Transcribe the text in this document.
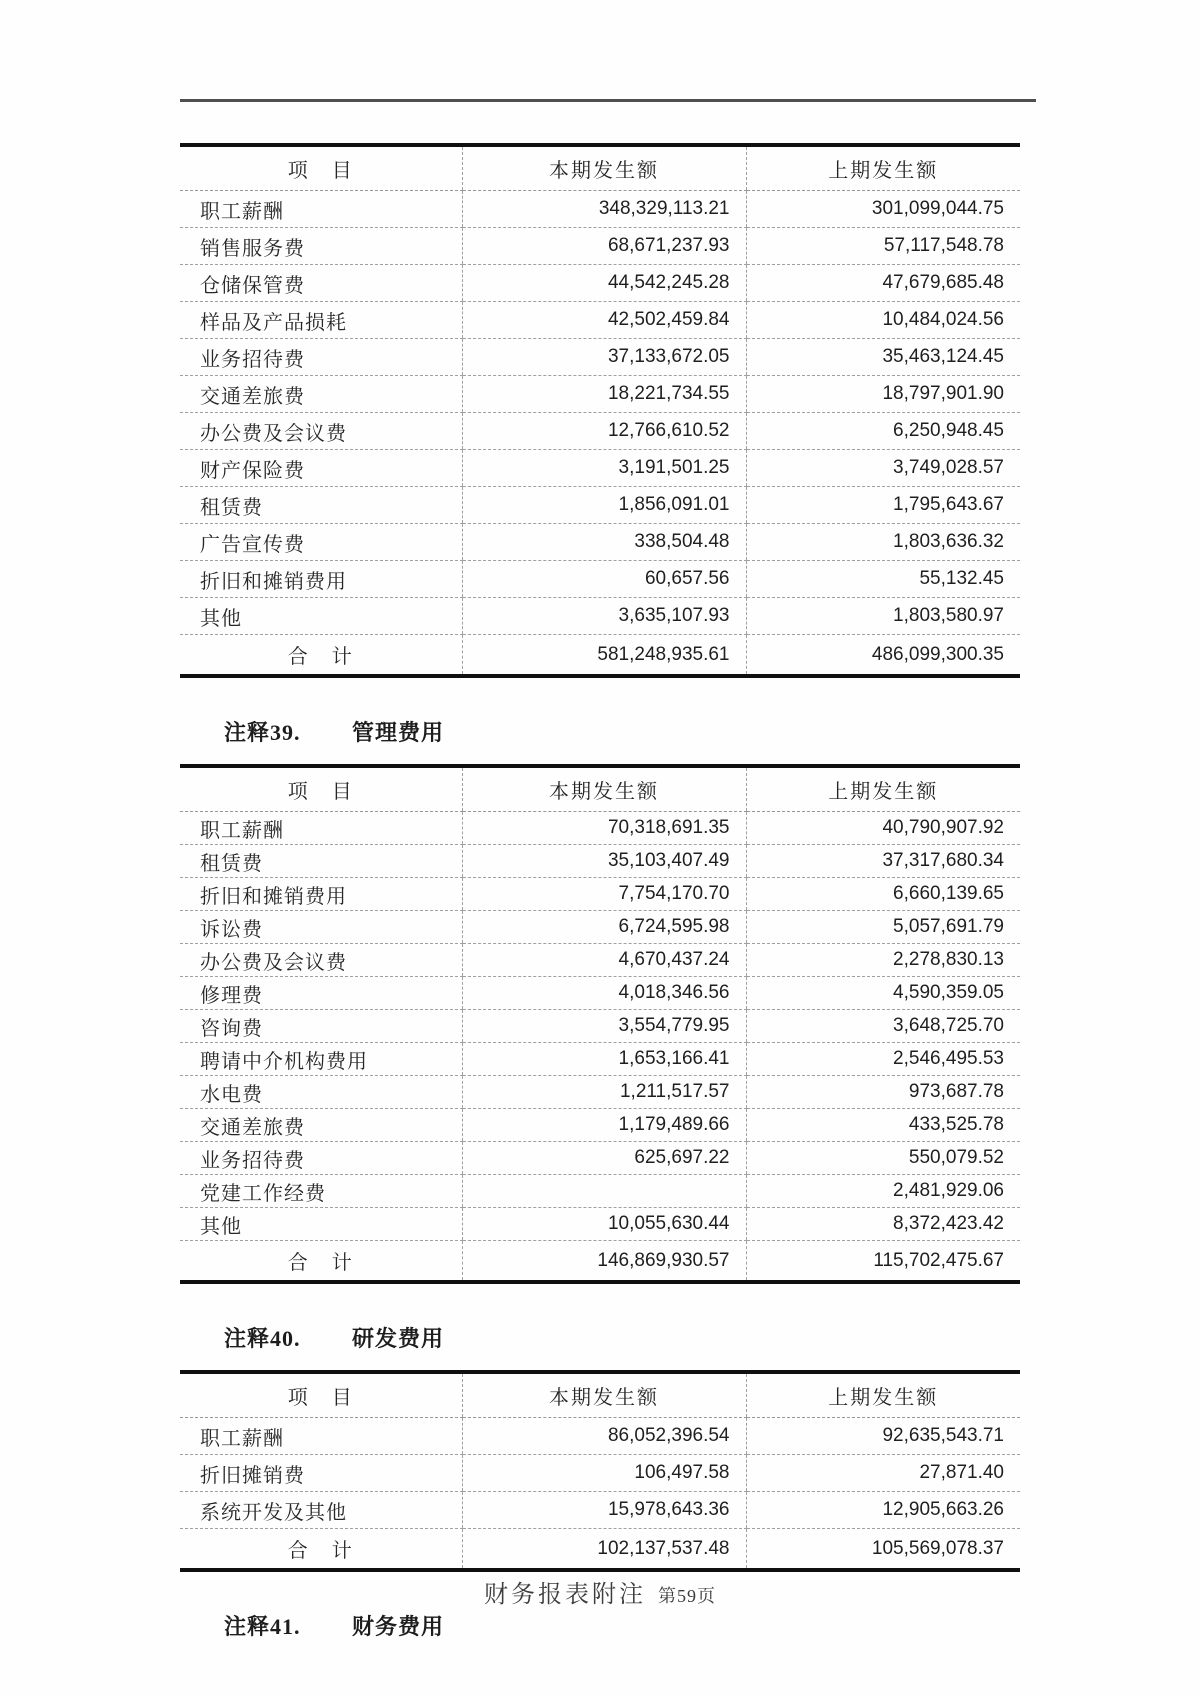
项　目	本期发生额	上期发生额
职工薪酬	348,329,113.21	301,099,044.75
销售服务费	68,671,237.93	57,117,548.78
仓储保管费	44,542,245.28	47,679,685.48
样品及产品损耗	42,502,459.84	10,484,024.56
业务招待费	37,133,672.05	35,463,124.45
交通差旅费	18,221,734.55	18,797,901.90
办公费及会议费	12,766,610.52	6,250,948.45
财产保险费	3,191,501.25	3,749,028.57
租赁费	1,856,091.01	1,795,643.67
广告宣传费	338,504.48	1,803,636.32
折旧和摊销费用	60,657.56	55,132.45
其他	3,635,107.93	1,803,580.97
合　计	581,248,935.61	486,099,300.35
注释39. 管理费用
项　目	本期发生额	上期发生额
职工薪酬	70,318,691.35	40,790,907.92
租赁费	35,103,407.49	37,317,680.34
折旧和摊销费用	7,754,170.70	6,660,139.65
诉讼费	6,724,595.98	5,057,691.79
办公费及会议费	4,670,437.24	2,278,830.13
修理费	4,018,346.56	4,590,359.05
咨询费	3,554,779.95	3,648,725.70
聘请中介机构费用	1,653,166.41	2,546,495.53
水电费	1,211,517.57	973,687.78
交通差旅费	1,179,489.66	433,525.78
业务招待费	625,697.22	550,079.52
党建工作经费		2,481,929.06
其他	10,055,630.44	8,372,423.42
合　计	146,869,930.57	115,702,475.67
注释40. 研发费用
项　目	本期发生额	上期发生额
职工薪酬	86,052,396.54	92,635,543.71
折旧摊销费	106,497.58	27,871.40
系统开发及其他	15,978,643.36	12,905,663.26
合　计	102,137,537.48	105,569,078.37
注释41. 财务费用
财务报表附注 第59页
